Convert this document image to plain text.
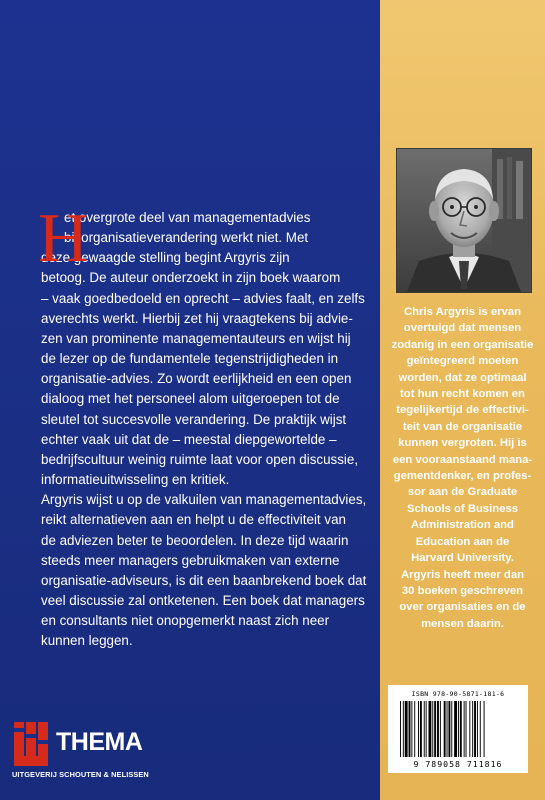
H
et overgrote deel van managementadvies
bij organisatieverandering werkt niet. Met
deze gewaagde stelling begint Argyris zijn
betoog. De auteur onderzoekt in zijn boek waarom
– vaak goedbedoeld en oprecht – advies faalt, en zelfs
averechts werkt. Hierbij zet hij vraagtekens bij advie-
zen van prominente managementauteurs en wijst hij
de lezer op de fundamentele tegenstrijdigheden in
organisatie-advies. Zo wordt eerlijkheid en een open
dialoog met het personeel alom uitgeroepen tot de
sleutel tot succesvolle verandering. De praktijk wijst
echter vaak uit dat de – meestal diepgewortelde –
bedrijfscultuur weinig ruimte laat voor open discussie,
informatieuitwisseling en kritiek.
Argyris wijst u op de valkuilen van managementadvies,
reikt alternatieven aan en helpt u de effectiviteit van
de adviezen beter te beoordelen. In deze tijd waarin
steeds meer managers gebruikmaken van externe
organisatie-adviseurs, is dit een baanbrekend boek dat
veel discussie zal ontketenen. Een boek dat managers
en consultants niet onopgemerkt naast zich neer
kunnen leggen.
Chris Argyris is ervan
overtuigd dat mensen
zodanig in een organisatie
geïntegreerd moeten
worden, dat ze optimaal
tot hun recht komen en
tegelijkertijd de effectivi-
teit van de organisatie
kunnen vergroten. Hij is
een vooraanstaand mana-
gementdenker, en profes-
sor aan de Graduate
Schools of Business
Administration and
Education aan de
Harvard University.
Argyris heeft meer dan
30 boeken geschreven
over organisaties en de
mensen daarin.
ISBN 978-90-5871-181-6
9 789058 711816
THEMA
UITGEVERIJ SCHOUTEN & NELISSEN
